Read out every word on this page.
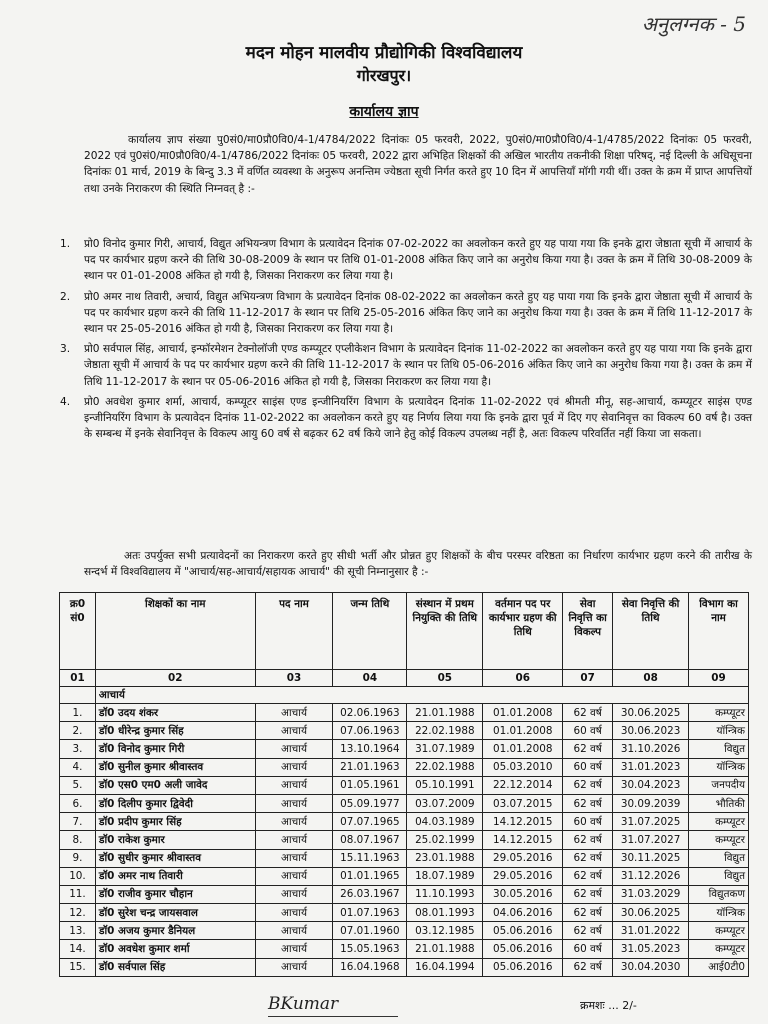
अनुलग्नक - 5
मदन मोहन मालवीय प्रौद्योगिकी विश्वविद्यालय
गोरखपुर।
कार्यालय ज्ञाप
कार्यालय ज्ञाप संख्या पु0सं0/मा0प्रौ0वि0/4-1/4784/2022 दिनांकः 05 फरवरी, 2022, पु0सं0/मा0प्रौ0वि0/4-1/4785/2022 दिनांकः 05 फरवरी, 2022 एवं पु0सं0/मा0प्रौ0वि0/4-1/4786/2022 दिनांकः 05 फरवरी, 2022 द्वारा अभिहित शिक्षकों की अखिल भारतीय तकनीकी शिक्षा परिषद्, नई दिल्ली के अधिसूचना दिनांकः 01 मार्च, 2019 के बिन्दु 3.3 में वर्णित व्यवस्था के अनुरूप अनन्तिम ज्येष्ठता सूची निर्गत करते हुए 10 दिन में आपत्तियाँ मॉगी गयी थीं। उक्त के क्रम में प्राप्त आपत्तियों तथा उनके निराकरण की स्थिति निम्नवत् है :-
1. प्रो0 विनोद कुमार गिरी, आचार्य, विद्युत अभियन्त्रण विभाग के प्रत्यावेदन दिनांक 07-02-2022 का अवलोकन करते हुए यह पाया गया कि इनके द्वारा जेष्ठाता सूची में आचार्य के पद पर कार्यभार ग्रहण करने की तिथि 30-08-2009 के स्थान पर तिथि 01-01-2008 अंकित किए जाने का अनुरोध किया गया है। उक्त के क्रम में तिथि 30-08-2009 के स्थान पर 01-01-2008 अंकित हो गयी है, जिसका निराकरण कर लिया गया है।
2. प्रो0 अमर नाथ तिवारी, अचार्य, विद्युत अभियन्त्रण विभाग के प्रत्यावेदन दिनांक 08-02-2022 का अवलोकन करते हुए यह पाया गया कि इनके द्वारा जेष्ठाता सूची में आचार्य के पद पर कार्यभार ग्रहण करने की तिथि 11-12-2017 के स्थान पर तिथि 25-05-2016 अंकित किए जाने का अनुरोध किया गया है। उक्त के क्रम में तिथि 11-12-2017 के स्थान पर 25-05-2016 अंकित हो गयी है, जिसका निराकरण कर लिया गया है।
3. प्रो0 सर्वपाल सिंह, आचार्य, इन्फॉरमेशन टेक्नोलॉजी एण्ड कम्प्यूटर एप्लीकेशन विभाग के प्रत्यावेदन दिनांक 11-02-2022 का अवलोकन करते हुए यह पाया गया कि इनके द्वारा जेष्ठाता सूची में आचार्य के पद पर कार्यभार ग्रहण करने की तिथि 11-12-2017 के स्थान पर तिथि 05-06-2016 अंकित किए जाने का अनुरोध किया गया है। उक्त के क्रम में तिथि 11-12-2017 के स्थान पर 05-06-2016 अंकित हो गयी है, जिसका निराकरण कर लिया गया है।
4. प्रो0 अवधेश कुमार शर्मा, आचार्य, कम्प्यूटर साइंस एण्ड इन्जीनियरिंग विभाग के प्रत्यावेदन दिनांक 11-02-2022 एवं श्रीमती मीनू, सह-आचार्य, कम्प्यूटर साइंस एण्ड इन्जीनियरिंग विभाग के प्रत्यावेदन दिनांक 11-02-2022 का अवलोकन करते हुए यह निर्णय लिया गया कि इनके द्वारा पूर्व में दिए गए सेवानिवृत्त का विकल्प 60 वर्ष है। उक्त के सम्बन्ध में इनके सेवानिवृत्त के विकल्प आयु 60 वर्ष से बढ़कर 62 वर्ष किये जाने हेतु कोई विकल्प उपलब्ध नहीं है, अतः विकल्प परिवर्तित नहीं किया जा सकता।
अतः उपर्युक्त सभी प्रत्यावेदनों का निराकरण करते हुए सीधी भर्ती और प्रोन्नत हुए शिक्षकों के बीच परस्पर वरिष्ठता का निर्धारण कार्यभार ग्रहण करने की तारीख के सन्दर्भ में विश्वविद्यालय में "आचार्य/सह-आचार्य/सहायक आचार्य" की सूची निम्नानुसार है :-
क्र0 सं0	शिक्षकों का नाम	पद नाम	जन्म तिथि	संस्थान में प्रथम नियुक्ति की तिथि	वर्तमान पद पर कार्यभार ग्रहण की तिथि	सेवा निवृत्ति का विकल्प	सेवा निवृत्ति की तिथि	विभाग का नाम
01	02	03	04	05	06	07	08	09
	आचार्य							
1.	डॉ0 उदय शंकर	आचार्य	02.06.1963	21.01.1988	01.01.2008	62 वर्ष	30.06.2025	कम्प्यूटर
2.	डॉ0 धीरेन्द्र कुमार सिंह	आचार्य	07.06.1963	22.02.1988	01.01.2008	60 वर्ष	30.06.2023	यॉन्त्रिक
3.	डॉ0 विनोद कुमार गिरी	आचार्य	13.10.1964	31.07.1989	01.01.2008	62 वर्ष	31.10.2026	विद्युत
4.	डॉ0 सुनील कुमार श्रीवास्तव	आचार्य	21.01.1963	22.02.1988	05.03.2010	60 वर्ष	31.01.2023	यॉन्त्रिक
5.	डॉ0 एस0 एम0 अली जावेद	आचार्य	01.05.1961	05.10.1991	22.12.2014	62 वर्ष	30.04.2023	जनपदीय
6.	डॉ0 दिलीप कुमार द्विवेदी	आचार्य	05.09.1977	03.07.2009	03.07.2015	62 वर्ष	30.09.2039	भौतिकी
7.	डॉ0 प्रदीप कुमार सिंह	आचार्य	07.07.1965	04.03.1989	14.12.2015	60 वर्ष	31.07.2025	कम्प्यूटर
8.	डॉ0 राकेश कुमार	आचार्य	08.07.1967	25.02.1999	14.12.2015	62 वर्ष	31.07.2027	कम्प्यूटर
9.	डॉ0 सुधीर कुमार श्रीवास्तव	आचार्य	15.11.1963	23.01.1988	29.05.2016	62 वर्ष	30.11.2025	विद्युत
10.	डॉ0 अमर नाथ तिवारी	आचार्य	01.01.1965	18.07.1989	29.05.2016	62 वर्ष	31.12.2026	विद्युत
11.	डॉ0 राजीव कुमार चौहान	आचार्य	26.03.1967	11.10.1993	30.05.2016	62 वर्ष	31.03.2029	विद्युतकण
12.	डॉ0 सुरेश चन्द्र जायसवाल	आचार्य	01.07.1963	08.01.1993	04.06.2016	62 वर्ष	30.06.2025	यॉन्त्रिक
13.	डॉ0 अजय कुमार डैनियल	आचार्य	07.01.1960	03.12.1985	05.06.2016	62 वर्ष	31.01.2022	कम्प्यूटर
14.	डॉ0 अवधेश कुमार शर्मा	आचार्य	15.05.1963	21.01.1988	05.06.2016	60 वर्ष	31.05.2023	कम्प्यूटर
15.	डॉ0 सर्वपाल सिंह	आचार्य	16.04.1968	16.04.1994	05.06.2016	62 वर्ष	30.04.2030	आई0टी0
BKumar	क्रमशः ... 2/-
